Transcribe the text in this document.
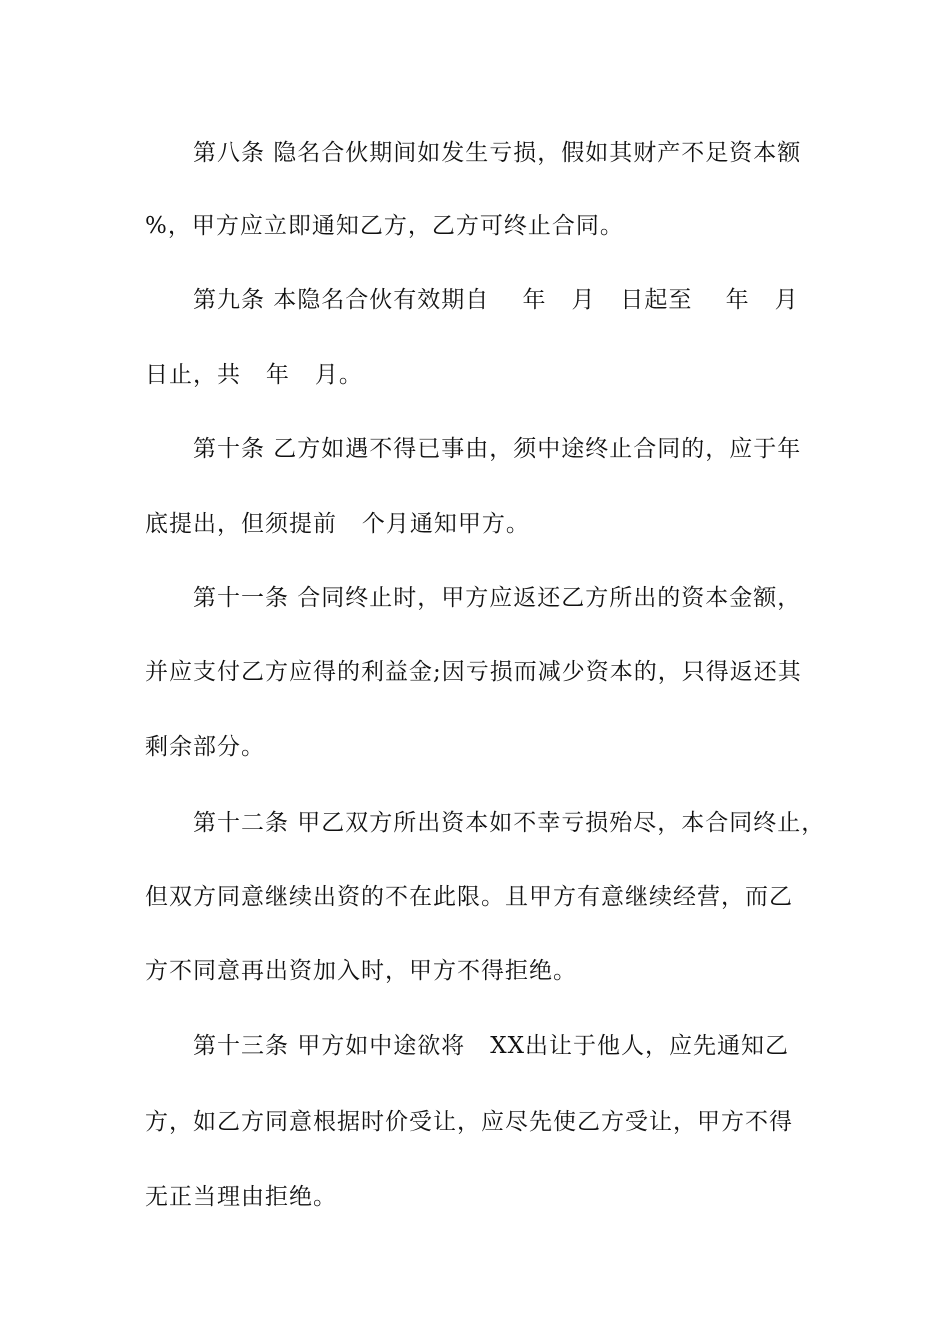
第八条 隐名合伙期间如发生亏损，假如其财产不足资本额
%，甲方应立即通知乙方，乙方可终止合同。
第九条 本隐名合伙有效期自    年   月   日起至    年   月
日止，共   年   月。
第十条 乙方如遇不得已事由，须中途终止合同的，应于年
底提出，但须提前   个月通知甲方。
第十一条 合同终止时，甲方应返还乙方所出的资本金额，
并应支付乙方应得的利益金;因亏损而减少资本的，只得返还其
剩余部分。
第十二条 甲乙双方所出资本如不幸亏损殆尽，本合同终止，
但双方同意继续出资的不在此限。且甲方有意继续经营，而乙
方不同意再出资加入时，甲方不得拒绝。
第十三条 甲方如中途欲将   XX出让于他人，应先通知乙
方，如乙方同意根据时价受让，应尽先使乙方受让，甲方不得
无正当理由拒绝。
